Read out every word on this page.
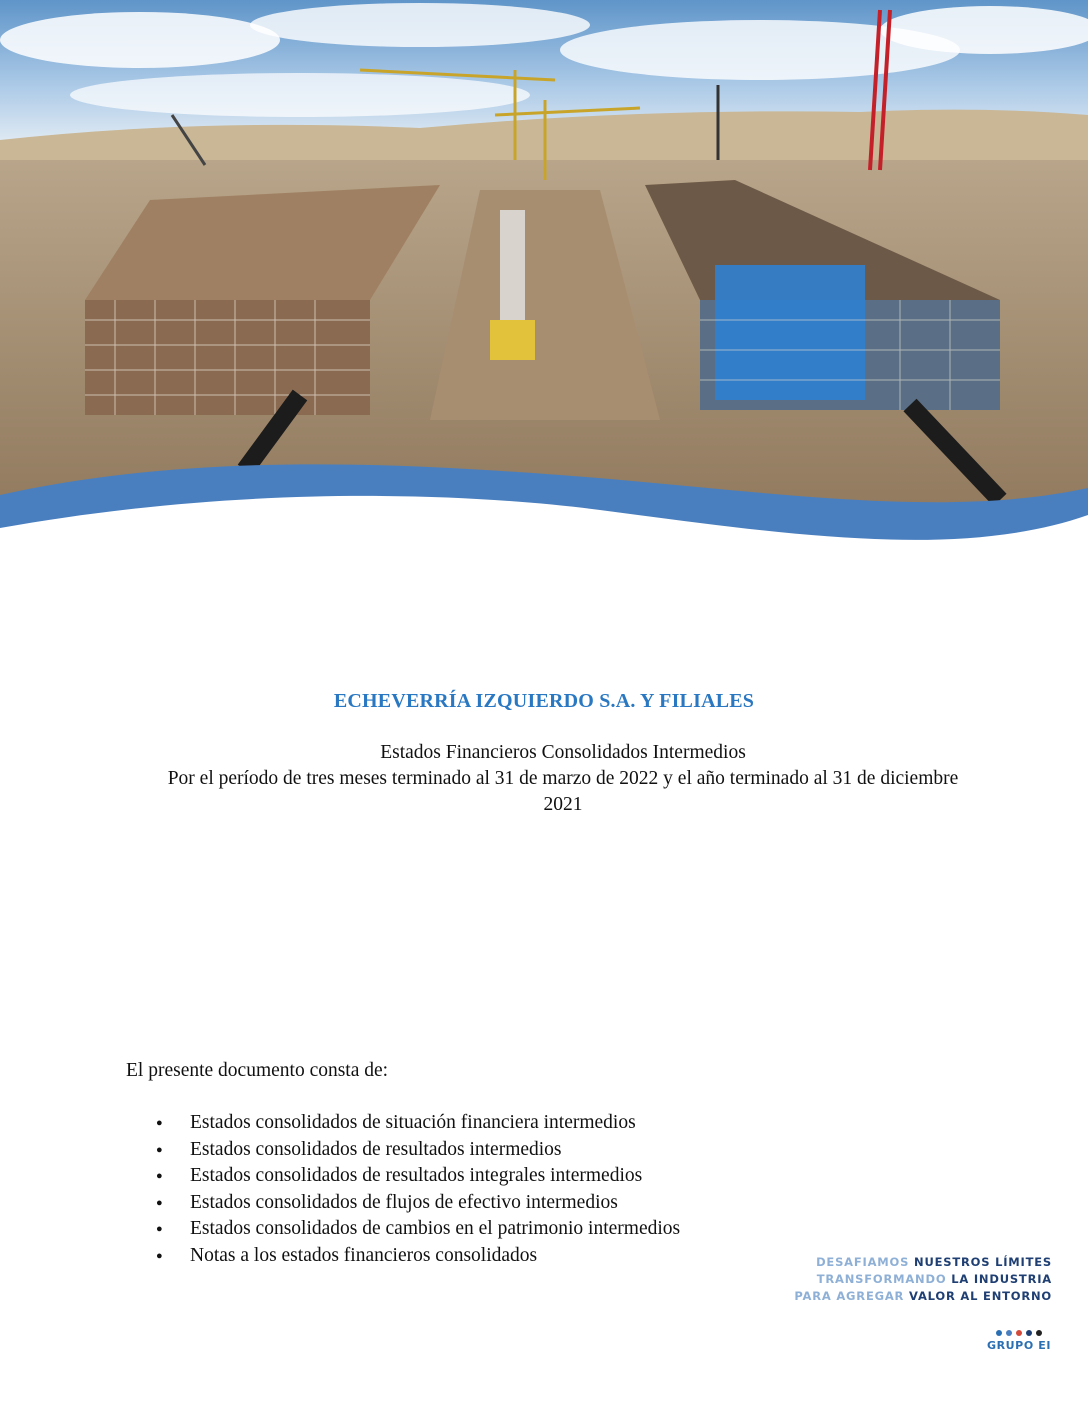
ECHEVERRÍA IZQUIERDO S.A. Y FILIALES
Estados Financieros Consolidados Intermedios
Por el período de tres meses terminado al 31 de marzo de 2022 y el año terminado al 31 de diciembre
2021
El presente documento consta de:
● Estados consolidados de situación financiera intermedios
● Estados consolidados de resultados intermedios
● Estados consolidados de resultados integrales intermedios
● Estados consolidados de flujos de efectivo intermedios
● Estados consolidados de cambios en el patrimonio intermedios
● Notas a los estados financieros consolidados	DESAFIAMOS NUESTROS LÍMITES
TRANSFORMANDO LA INDUSTRIA
PARA AGREGAR VALOR AL ENTORNO
GRUPO EI
